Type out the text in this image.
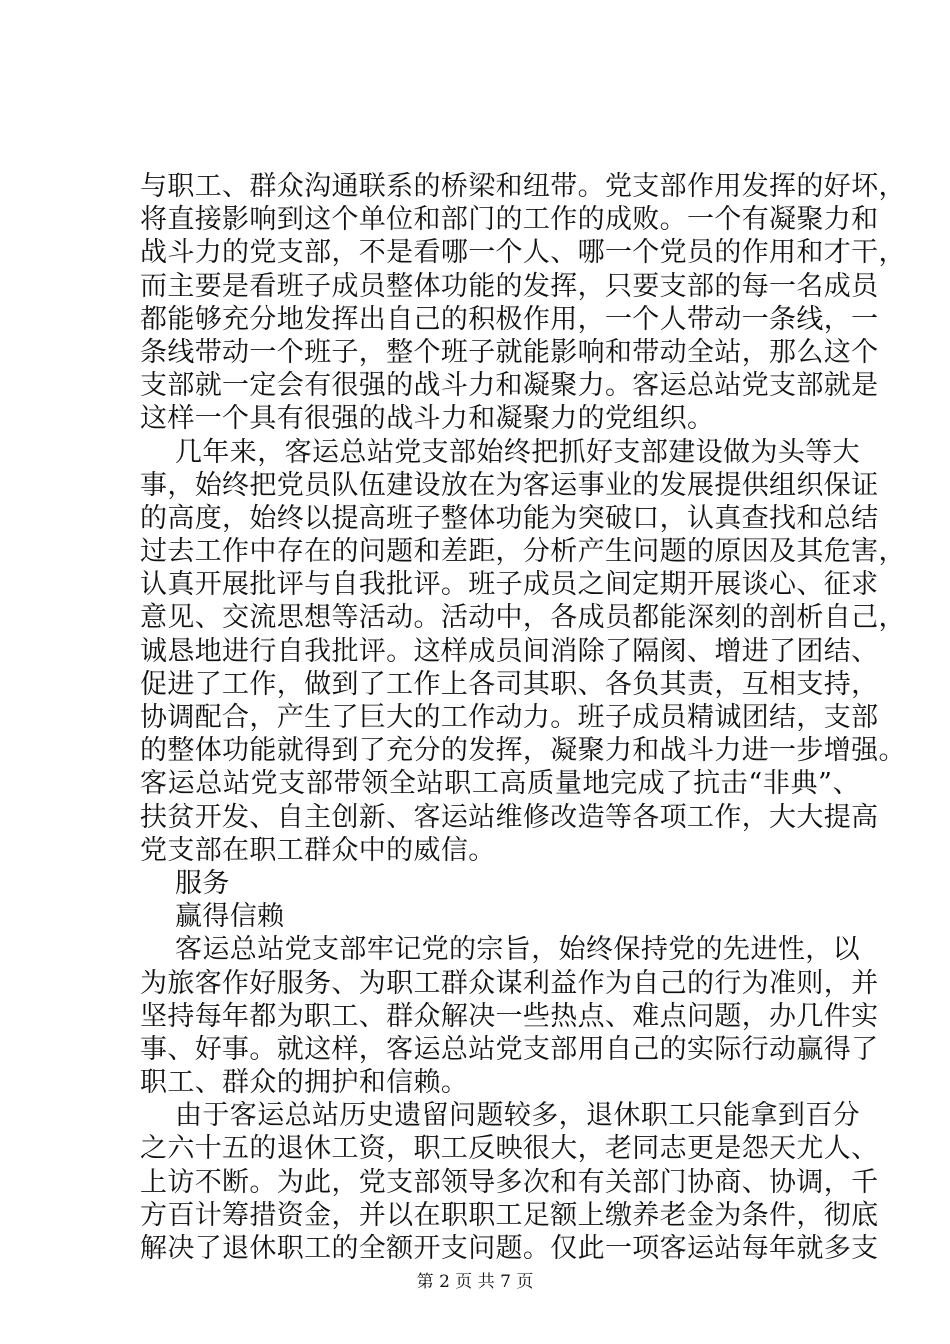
与职工、群众沟通联系的桥梁和纽带。党支部作用发挥的好坏，
将直接影响到这个单位和部门的工作的成败。一个有凝聚力和
战斗力的党支部，不是看哪一个人、哪一个党员的作用和才干，
而主要是看班子成员整体功能的发挥，只要支部的每一名成员
都能够充分地发挥出自己的积极作用，一个人带动一条线，一
条线带动一个班子，整个班子就能影响和带动全站，那么这个
支部就一定会有很强的战斗力和凝聚力。客运总站党支部就是
这样一个具有很强的战斗力和凝聚力的党组织。
几年来，客运总站党支部始终把抓好支部建设做为头等大
事，始终把党员队伍建设放在为客运事业的发展提供组织保证
的高度，始终以提高班子整体功能为突破口，认真查找和总结
过去工作中存在的问题和差距，分析产生问题的原因及其危害，
认真开展批评与自我批评。班子成员之间定期开展谈心、征求
意见、交流思想等活动。活动中，各成员都能深刻的剖析自己，
诚恳地进行自我批评。这样成员间消除了隔阂、增进了团结、
促进了工作，做到了工作上各司其职、各负其责，互相支持，
协调配合，产生了巨大的工作动力。班子成员精诚团结，支部
的整体功能就得到了充分的发挥，凝聚力和战斗力进一步增强。
客运总站党支部带领全站职工高质量地完成了抗击“非典”、
扶贫开发、自主创新、客运站维修改造等各项工作，大大提高
党支部在职工群众中的威信。
服务
赢得信赖
客运总站党支部牢记党的宗旨，始终保持党的先进性，以
为旅客作好服务、为职工群众谋利益作为自己的行为准则，并
坚持每年都为职工、群众解决一些热点、难点问题，办几件实
事、好事。就这样，客运总站党支部用自己的实际行动赢得了
职工、群众的拥护和信赖。
由于客运总站历史遗留问题较多，退休职工只能拿到百分
之六十五的退休工资，职工反映很大，老同志更是怨天尤人、
上访不断。为此，党支部领导多次和有关部门协商、协调，千
方百计筹措资金，并以在职职工足额上缴养老金为条件，彻底
解决了退休职工的全额开支问题。仅此一项客运站每年就多支
第 2 页 共 7 页
